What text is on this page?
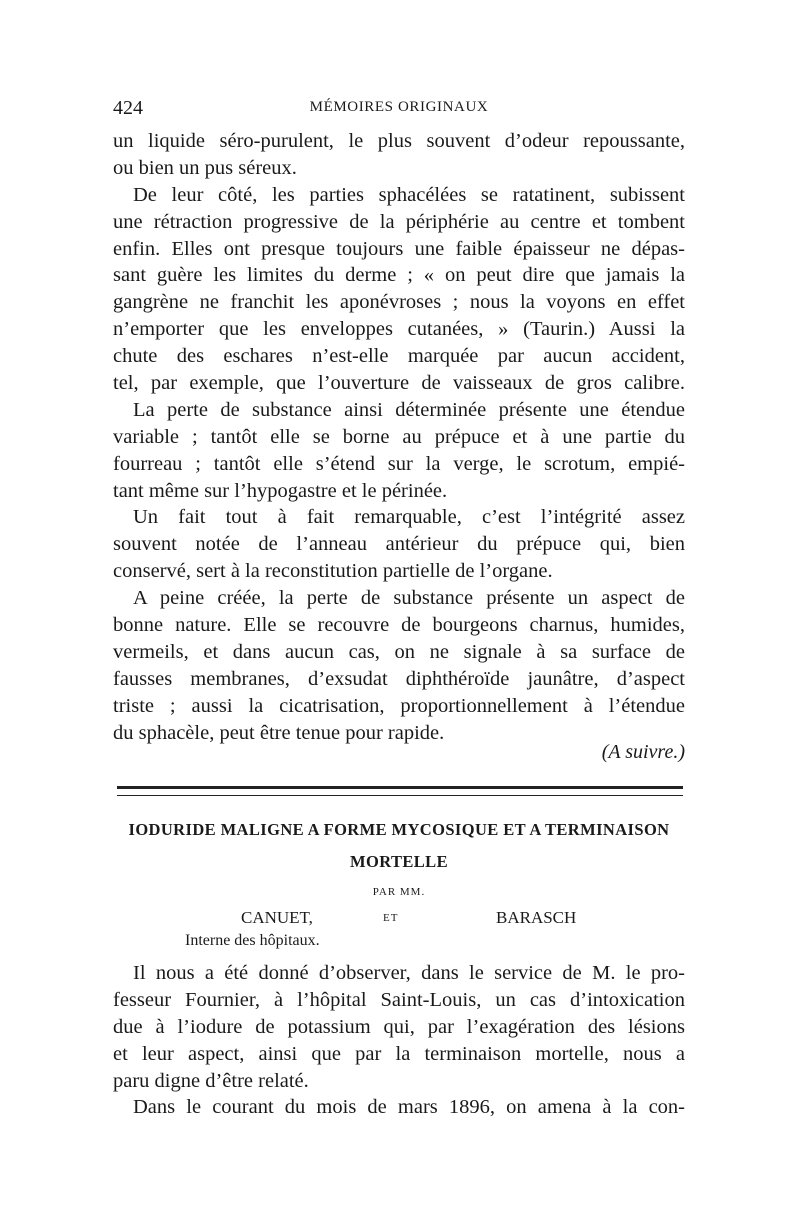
424	MÉMOIRES ORIGINAUX
un liquide séro-purulent, le plus souvent d’odeur repoussante,
ou bien un pus séreux.
De leur côté, les parties sphacélées se ratatinent, subissent
une rétraction progressive de la périphérie au centre et tombent
enfin. Elles ont presque toujours une faible épaisseur ne dépas-
sant guère les limites du derme ; « on peut dire que jamais la
gangrène ne franchit les aponévroses ; nous la voyons en effet
n’emporter que les enveloppes cutanées, » (Taurin.) Aussi la
chute des eschares n’est-elle marquée par aucun accident,
tel, par exemple, que l’ouverture de vaisseaux de gros calibre.
La perte de substance ainsi déterminée présente une étendue
variable ; tantôt elle se borne au prépuce et à une partie du
fourreau ; tantôt elle s’étend sur la verge, le scrotum, empié-
tant même sur l’hypogastre et le périnée.
Un fait tout à fait remarquable, c’est l’intégrité assez
souvent notée de l’anneau antérieur du prépuce qui, bien
conservé, sert à la reconstitution partielle de l’organe.
A peine créée, la perte de substance présente un aspect de
bonne nature. Elle se recouvre de bourgeons charnus, humides,
vermeils, et dans aucun cas, on ne signale à sa surface de
fausses membranes, d’exsudat diphthéroïde jaunâtre, d’aspect
triste ; aussi la cicatrisation, proportionnellement à l’étendue
du sphacèle, peut être tenue pour rapide.
(A suivre.)
IODURIDE MALIGNE A FORME MYCOSIQUE ET A TERMINAISON
MORTELLE
PAR MM.
CANUET,	ET	BARASCH
Interne des hôpitaux.
Il nous a été donné d’observer, dans le service de M. le pro-
fesseur Fournier, à l’hôpital Saint-Louis, un cas d’intoxication
due à l’iodure de potassium qui, par l’exagération des lésions
et leur aspect, ainsi que par la terminaison mortelle, nous a
paru digne d’être relaté.
Dans le courant du mois de mars 1896, on amena à la con-
